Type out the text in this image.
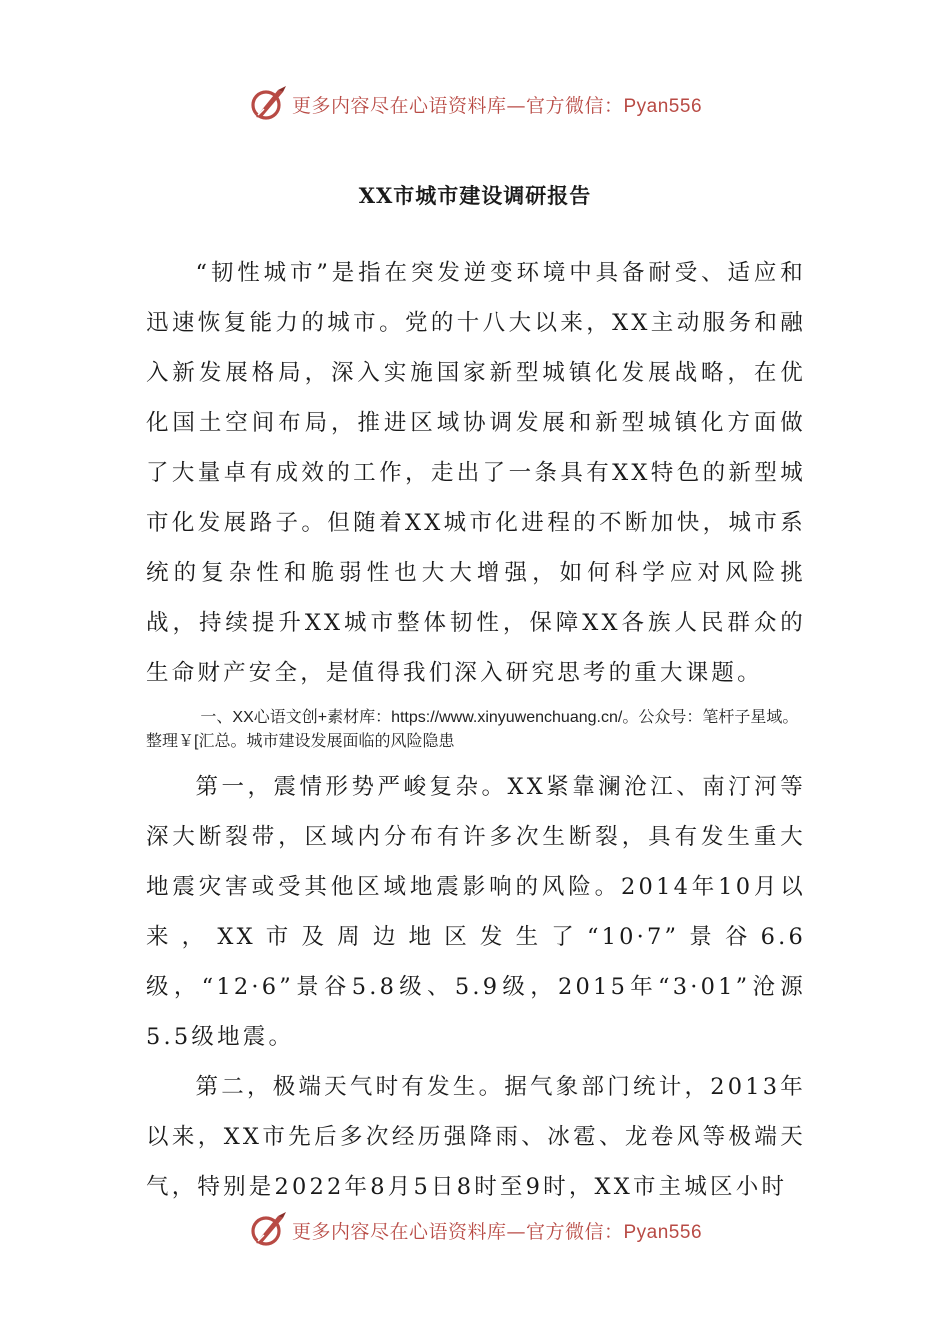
更多内容尽在心语资料库—官方微信：Pyan556
XX市城市建设调研报告

“韧性城市”是指在突发逆变环境中具备耐受、适应和迅速恢复能力的城市。党的十八大以来，XX主动服务和融入新发展格局，深入实施国家新型城镇化发展战略，在优化国土空间布局，推进区域协调发展和新型城镇化方面做了大量卓有成效的工作，走出了一条具有XX特色的新型城市化发展路子。但随着XX城市化进程的不断加快，城市系统的复杂性和脆弱性也大大增强，如何科学应对风险挑战，持续提升XX城市整体韧性，保障XX各族人民群众的生命财产安全，是值得我们深入研究思考的重大课题。

一、XX心语文创+素材库：https://www.xinyuwenchuang.cn/。公众号：笔杆子星域。整理￥[汇总。城市建设发展面临的风险隐患

第一，震情形势严峻复杂。XX紧靠澜沧江、南汀河等深大断裂带，区域内分布有许多次生断裂，具有发生重大地震灾害或受其他区域地震影响的风险。2014年10月以来，XX市及周边地区发生了“10·7”景谷6.6级，“12·6”景谷5.8级、5.9级，2015年“3·01”沧源5.5级地震。

第二，极端天气时有发生。据气象部门统计，2013年以来，XX市先后多次经历强降雨、冰雹、龙卷风等极端天气，特别是2022年8月5日8时至9时，XX市主城区小时

更多内容尽在心语资料库—官方微信：Pyan556
